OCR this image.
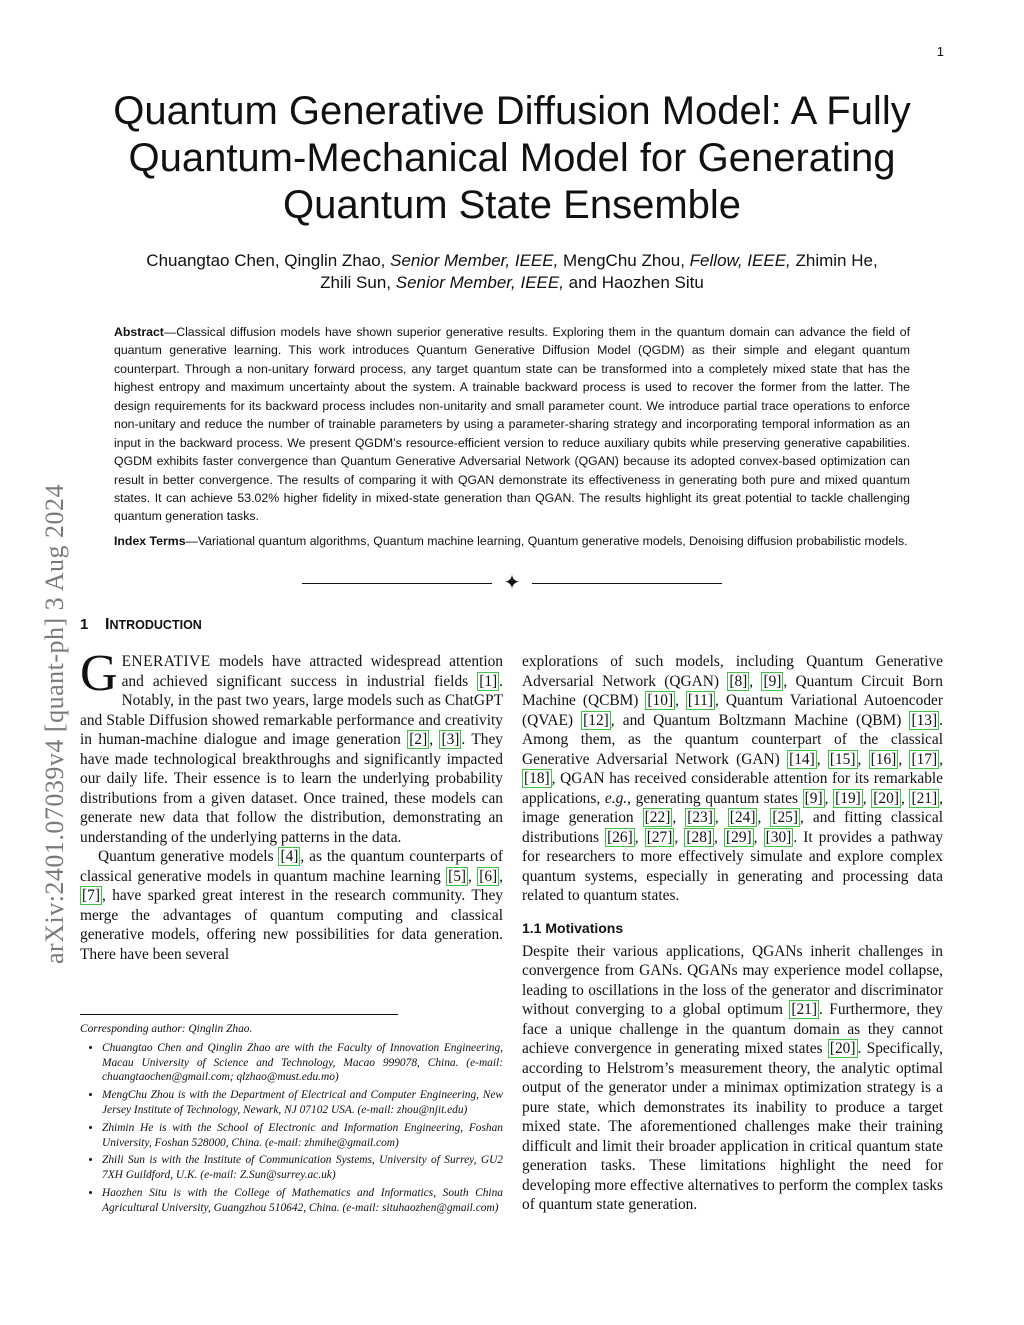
1
arXiv:2401.07039v4 [quant-ph] 3 Aug 2024
Quantum Generative Diffusion Model: A Fully Quantum-Mechanical Model for Generating Quantum State Ensemble
Chuangtao Chen, Qinglin Zhao, Senior Member, IEEE, MengChu Zhou, Fellow, IEEE, Zhimin He,
Zhili Sun, Senior Member, IEEE, and Haozhen Situ
Abstract—Classical diffusion models have shown superior generative results. Exploring them in the quantum domain can advance the field of quantum generative learning. This work introduces Quantum Generative Diffusion Model (QGDM) as their simple and elegant quantum counterpart. Through a non-unitary forward process, any target quantum state can be transformed into a completely mixed state that has the highest entropy and maximum uncertainty about the system. A trainable backward process is used to recover the former from the latter. The design requirements for its backward process includes non-unitarity and small parameter count. We introduce partial trace operations to enforce non-unitary and reduce the number of trainable parameters by using a parameter-sharing strategy and incorporating temporal information as an input in the backward process. We present QGDM’s resource-efficient version to reduce auxiliary qubits while preserving generative capabilities. QGDM exhibits faster convergence than Quantum Generative Adversarial Network (QGAN) because its adopted convex-based optimization can result in better convergence. The results of comparing it with QGAN demonstrate its effectiveness in generating both pure and mixed quantum states. It can achieve 53.02% higher fidelity in mixed-state generation than QGAN. The results highlight its great potential to tackle challenging quantum generation tasks.
Index Terms—Variational quantum algorithms, Quantum machine learning, Quantum generative models, Denoising diffusion probabilistic models.
✦
1 INTRODUCTION

GENERATIVE models have attracted widespread attention and achieved significant success in industrial fields [1] . Notably, in the past two years, large models such as ChatGPT and Stable Diffusion showed remarkable performance and creativity in human-machine dialogue and image generation [2] , [3] . They have made technological breakthroughs and significantly impacted our daily life. Their essence is to learn the underlying probability distributions from a given dataset. Once trained, these models can generate new data that follow the distribution, demonstrating an understanding of the underlying patterns in the data.

Quantum generative models [4] , as the quantum counterparts of classical generative models in quantum machine learning [5] , [6] , [7] , have sparked great interest in the research community. They merge the advantages of quantum computing and classical generative models, offering new possibilities for data generation. There have been several

Corresponding author: Qinglin Zhao.
• Chuangtao Chen and Qinglin Zhao are with the Faculty of Innovation Engineering, Macau University of Science and Technology, Macao 999078, China. (e-mail: chuangtaochen@gmail.com; qlzhao@must.edu.mo)
• MengChu Zhou is with the Department of Electrical and Computer Engineering, New Jersey Institute of Technology, Newark, NJ 07102 USA. (e-mail: zhou@njit.edu)
• Zhimin He is with the School of Electronic and Information Engineering, Foshan University, Foshan 528000, China. (e-mail: zhmihe@gmail.com)
• Zhili Sun is with the Institute of Communication Systems, University of Surrey, GU2 7XH Guildford, U.K. (e-mail: Z.Sun@surrey.ac.uk)
• Haozhen Situ is with the College of Mathematics and Informatics, South China Agricultural University, Guangzhou 510642, China. (e-mail: situhaozhen@gmail.com)

explorations of such models, including Quantum Generative Adversarial Network (QGAN) [8] , [9] , Quantum Circuit Born Machine (QCBM) [10] , [11] , Quantum Variational Autoencoder (QVAE) [12] , and Quantum Boltzmann Machine (QBM) [13] . Among them, as the quantum counterpart of the classical Generative Adversarial Network (GAN) [14] , [15] , [16] , [17] , [18] , QGAN has received considerable attention for its remarkable applications, e.g., generating quantum states [9] , [19] , [20] , [21] , image generation [22] , [23] , [24] , [25] , and fitting classical distributions [26] , [27] , [28] , [29] , [30] . It provides a pathway for researchers to more effectively simulate and explore complex quantum systems, especially in generating and processing data related to quantum states.

1.1 Motivations

Despite their various applications, QGANs inherit challenges in convergence from GANs. QGANs may experience model collapse, leading to oscillations in the loss of the generator and discriminator without converging to a global optimum [21] . Furthermore, they face a unique challenge in the quantum domain as they cannot achieve convergence in generating mixed states [20] . Specifically, according to Helstrom’s measurement theory, the analytic optimal output of the generator under a minimax optimization strategy is a pure state, which demonstrates its inability to produce a target mixed state. The aforementioned challenges make their training difficult and limit their broader application in critical quantum state generation tasks. These limitations highlight the need for developing more effective alternatives to perform the complex tasks of quantum state generation.
